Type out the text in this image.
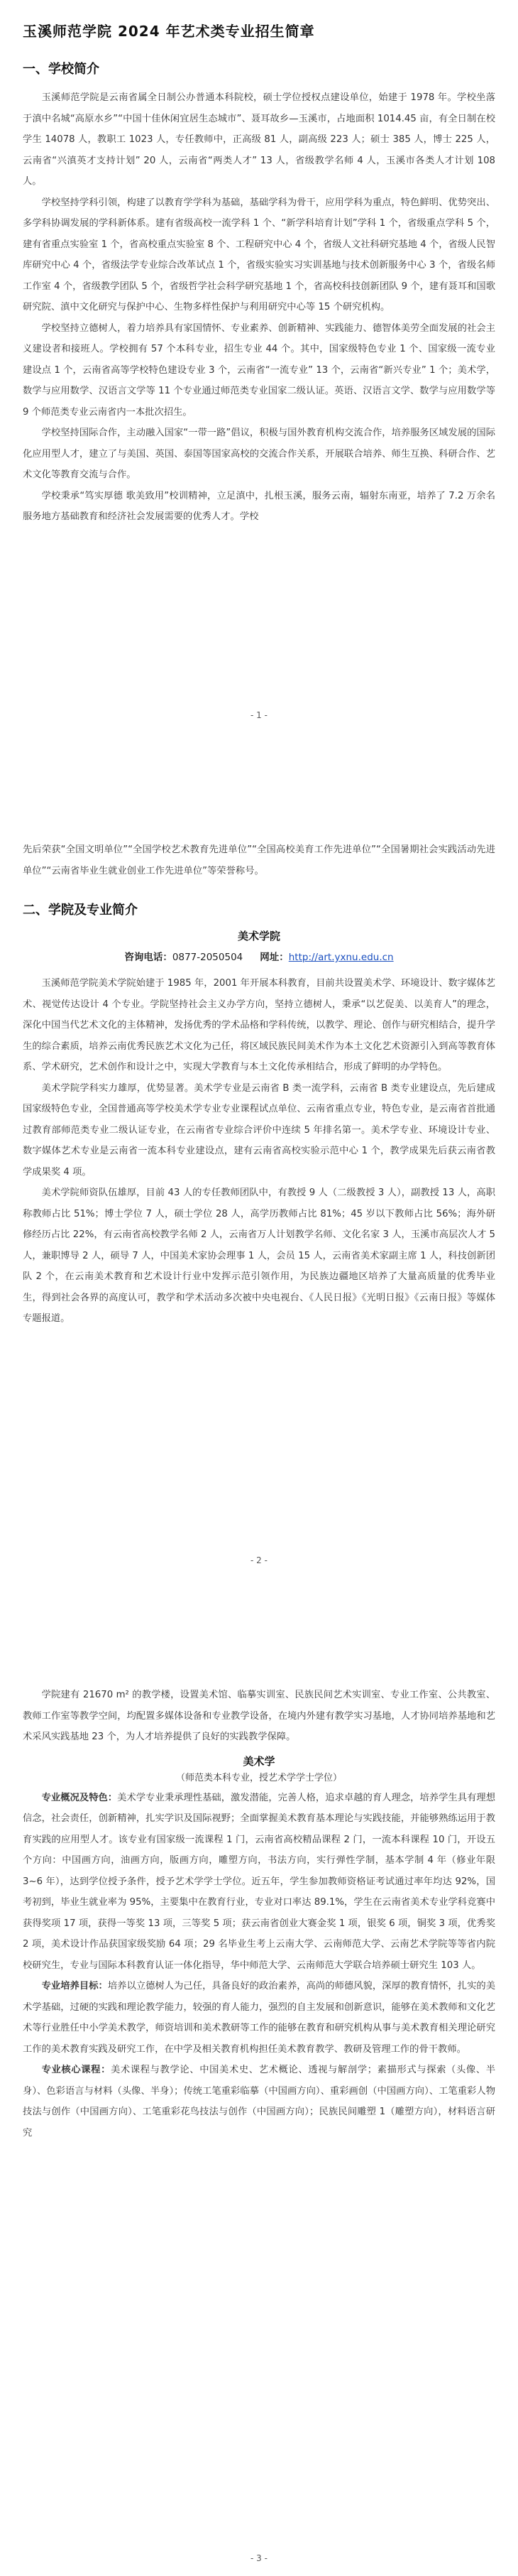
玉溪师范学院 2024 年艺术类专业招生简章
一、学校简介

玉溪师范学院是云南省属全日制公办普通本科院校，硕士学位授权点建设单位，始建于 1978 年。学校坐落于滇中名城“高原水乡”“中国十佳休闲宜居生态城市”、聂耳故乡—玉溪市，占地面积 1014.45 亩，有全日制在校学生 14078 人，教职工 1023 人，专任教师中，正高级 81 人，副高级 223 人；硕士 385 人，博士 225 人，云南省“兴滇英才支持计划” 20 人，云南省“两类人才” 13 人，省级教学名师 4 人，玉溪市各类人才计划 108 人。

学校坚持学科引领，构建了以教育学学科为基础，基础学科为骨干，应用学科为重点，特色鲜明、优势突出、多学科协调发展的学科新体系。建有省级高校一流学科 1 个、“新学科培育计划”学科 1 个，省级重点学科 5 个，建有省重点实验室 1 个，省高校重点实验室 8 个、工程研究中心 4 个，省级人文社科研究基地 4 个，省级人民智库研究中心 4 个，省级法学专业综合改革试点 1 个，省级实验实习实训基地与技术创新服务中心 3 个，省级名师工作室 4 个，省级教学团队 5 个，省级哲学社会科学研究基地 1 个，省高校科技创新团队 9 个，建有聂耳和国歌研究院、滇中文化研究与保护中心、生物多样性保护与利用研究中心等 15 个研究机构。

学校坚持立德树人，着力培养具有家国情怀、专业素养、创新精神、实践能力、德智体美劳全面发展的社会主义建设者和接班人。学校拥有 57 个本科专业，招生专业 44 个。其中，国家级特色专业 1 个、国家级一流专业建设点 1 个，云南省高等学校特色建设专业 3 个，云南省“一流专业” 13 个，云南省“新兴专业” 1 个；美术学，数学与应用数学、汉语言文学等 11 个专业通过师范类专业国家二级认证。英语、汉语言文学、数学与应用数学等 9 个师范类专业云南省内一本批次招生。

学校坚持国际合作，主动融入国家“一带一路”倡议，积极与国外教育机构交流合作，培养服务区域发展的国际化应用型人才，建立了与美国、英国、泰国等国家高校的交流合作关系，开展联合培养、师生互换、科研合作、艺术文化等教育交流与合作。

学校秉承“笃实厚德 歌美致用”校训精神，立足滇中，扎根玉溪，服务云南，辐射东南亚，培养了 7.2 万余名服务地方基础教育和经济社会发展需要的优秀人才。学校

- 1 -

先后荣获“全国文明单位”“全国学校艺术教育先进单位”“全国高校美育工作先进单位”“全国暑期社会实践活动先进单位”“云南省毕业生就业创业工作先进单位”等荣誉称号。

二、学院及专业简介
美术学院
咨询电话：0877-2050504 网址：http://art.yxnu.edu.cn

玉溪师范学院美术学院始建于 1985 年，2001 年开展本科教育，目前共设置美术学、环境设计、数字媒体艺术、视觉传达设计 4 个专业。学院坚持社会主义办学方向，坚持立德树人，秉承“以艺促美、以美育人”的理念，深化中国当代艺术文化的主体精神，发扬优秀的学术品格和学科传统，以教学、理论、创作与研究相结合，提升学生的综合素质，培养云南优秀民族艺术文化为己任，将区域民族民间美术作为本土文化艺术资源引入到高等教育体系、学术研究，艺术创作和设计之中，实现大学教育与本土文化传承相结合，形成了鲜明的办学特色。

美术学院学科实力雄厚，优势显著。美术学专业是云南省 B 类一流学科，云南省 B 类专业建设点，先后建成国家级特色专业，全国普通高等学校美术学专业专业课程试点单位、云南省重点专业，特色专业，是云南省首批通过教育部师范类专业二级认证专业，在云南省专业综合评价中连续 5 年排名第一。美术学专业、环境设计专业、数字媒体艺术专业是云南省一流本科专业建设点，建有云南省高校实验示范中心 1 个，教学成果先后获云南省教学成果奖 4 项。

美术学院师资队伍雄厚，目前 43 人的专任教师团队中，有教授 9 人（二级教授 3 人），副教授 13 人，高职称教师占比 51%；博士学位 7 人，硕士学位 28 人，高学历教师占比 81%；45 岁以下教师占比 56%；海外研修经历占比 22%，有云南省高校教学名师 2 人，云南省万人计划教学名师、文化名家 3 人，玉溪市高层次人才 5 人，兼职博导 2 人，硕导 7 人，中国美术家协会理事 1 人，会员 15 人，云南省美术家副主席 1 人，科技创新团队 2 个，在云南美术教育和艺术设计行业中发挥示范引领作用，为民族边疆地区培养了大量高质量的优秀毕业生，得到社会各界的高度认可，教学和学术活动多次被中央电视台、《人民日报》《光明日报》《云南日报》等媒体专题报道。

- 2 -

学院建有 21670 m² 的教学楼，设置美术馆、临摹实训室、民族民间艺术实训室、专业工作室、公共教室、教师工作室等教学空间，均配置多媒体设备和专业教学设备，在境内外建有教学实习基地，人才协同培养基地和艺术采风实践基地 23 个，为人才培养提供了良好的实践教学保障。

美术学
（师范类本科专业，授艺术学学士学位）

专业概况及特色：美术学专业秉承理性基础，激发潜能，完善人格，追求卓越的育人理念，培养学生具有理想信念，社会责任，创新精神，扎实学识及国际视野；全面掌握美术教育基本理论与实践技能，并能够熟练运用于教育实践的应用型人才。该专业有国家级一流课程 1 门，云南省高校精品课程 2 门，一流本科课程 10 门，开设五个方向：中国画方向，油画方向，版画方向，雕塑方向，书法方向，实行弹性学制，基本学制 4 年（修业年限 3~6 年），达到学位授予条件，授予艺术学学士学位。近五年，学生参加教师资格证考试通过率年均达 92%，国考初到，毕业生就业率为 95%，主要集中在教育行业，专业对口率达 89.1%，学生在云南省美术专业学科竞赛中获得奖项 17 项，获得一等奖 13 项，三等奖 5 项；获云南省创业大赛金奖 1 项，银奖 6 项，铜奖 3 项，优秀奖 2 项，美术设计作品获国家级奖励 64 项；29 名毕业生考上云南大学、云南师范大学、云南艺术学院等等省内院校研究生，专业与国际本科教育认证一体化指导，华中师范大学、云南师范大学联合培养硕士研究生 103 人。

专业培养目标：培养以立德树人为己任，具备良好的政治素养，高尚的师德风貌，深厚的教育情怀，扎实的美术学基础，过硬的实践和理论教学能力，较强的育人能力，强烈的自主发展和创新意识，能够在美术教师和文化艺术等行业胜任中小学美术教学，师资培训和美术教研等工作的能够在教育和研究机构从事与美术教育相关理论研究工作的美术教育实践及研究工作，在中学及相关教育机构担任美术教育教学、教研及管理工作的骨干教师。

专业核心课程：美术课程与教学论、中国美术史、艺术概论、透视与解剖学；素描形式与探索（头像、半身）、色彩语言与材料（头像、半身）；传统工笔重彩临摹（中国画方向）、重彩画创（中国画方向）、工笔重彩人物技法与创作（中国画方向）、工笔重彩花鸟技法与创作（中国画方向）；民族民间雕塑 1（雕塑方向），材料语言研究

- 3 -
